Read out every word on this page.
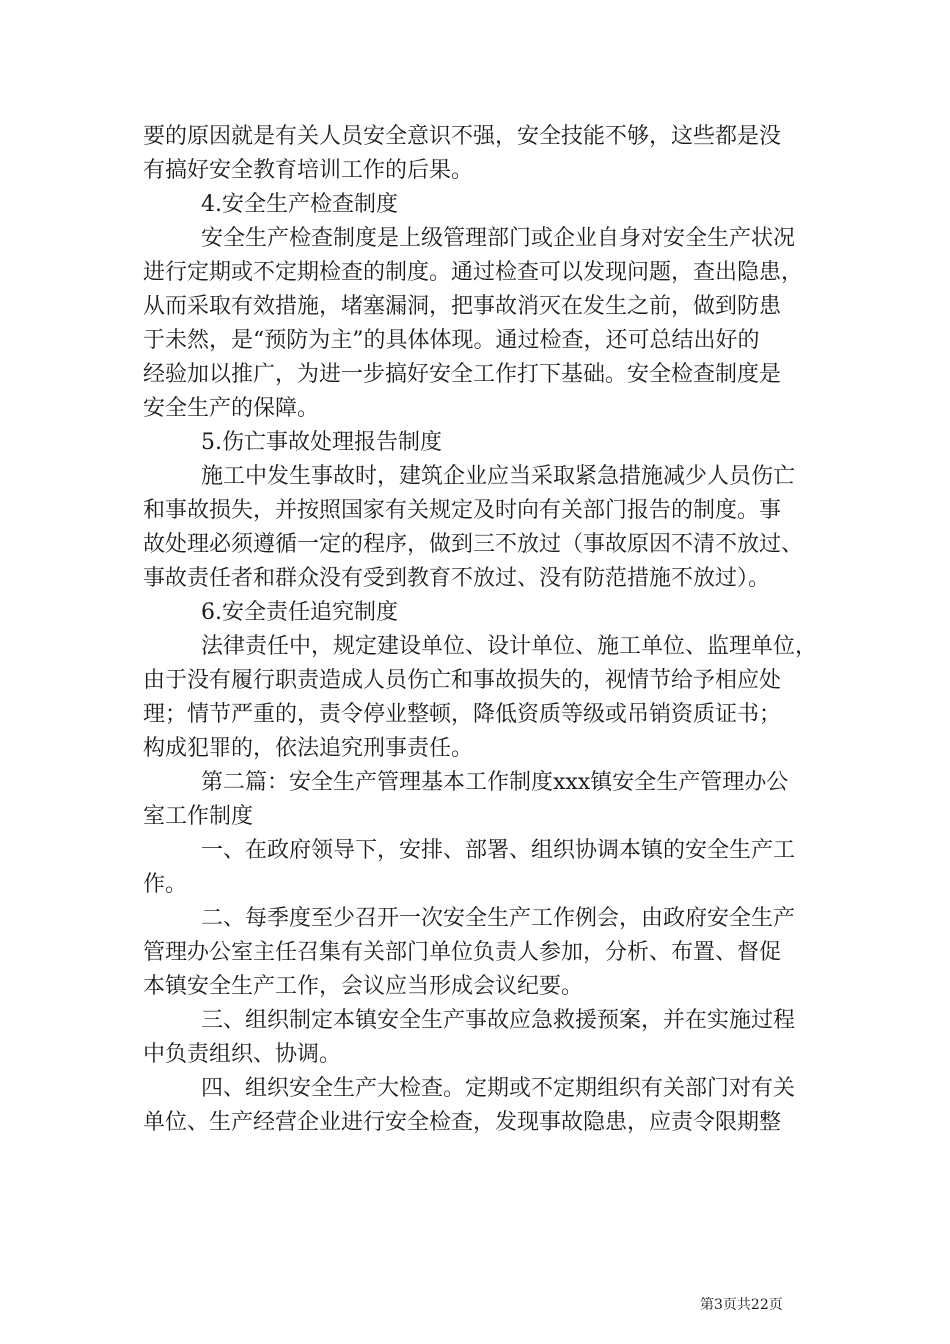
要的原因就是有关人员安全意识不强，安全技能不够，这些都是没
有搞好安全教育培训工作的后果。
4.安全生产检查制度
安全生产检查制度是上级管理部门或企业自身对安全生产状况
进行定期或不定期检查的制度。通过检查可以发现问题，查出隐患，
从而采取有效措施，堵塞漏洞，把事故消灭在发生之前，做到防患
于未然，是“预防为主”的具体体现。通过检查，还可总结出好的
经验加以推广，为进一步搞好安全工作打下基础。安全检查制度是
安全生产的保障。
5.伤亡事故处理报告制度
施工中发生事故时，建筑企业应当采取紧急措施减少人员伤亡
和事故损失，并按照国家有关规定及时向有关部门报告的制度。事
故处理必须遵循一定的程序，做到三不放过（事故原因不清不放过、
事故责任者和群众没有受到教育不放过、没有防范措施不放过）。
6.安全责任追究制度
法律责任中，规定建设单位、设计单位、施工单位、监理单位，
由于没有履行职责造成人员伤亡和事故损失的，视情节给予相应处
理；情节严重的，责令停业整顿，降低资质等级或吊销资质证书；
构成犯罪的，依法追究刑事责任。
第二篇：安全生产管理基本工作制度xxx镇安全生产管理办公
室工作制度
一、在政府领导下，安排、部署、组织协调本镇的安全生产工
作。
二、每季度至少召开一次安全生产工作例会，由政府安全生产
管理办公室主任召集有关部门单位负责人参加，分析、布置、督促
本镇安全生产工作，会议应当形成会议纪要。
三、组织制定本镇安全生产事故应急救援预案，并在实施过程
中负责组织、协调。
四、组织安全生产大检查。定期或不定期组织有关部门对有关
单位、生产经营企业进行安全检查，发现事故隐患，应责令限期整
第3页共22页
